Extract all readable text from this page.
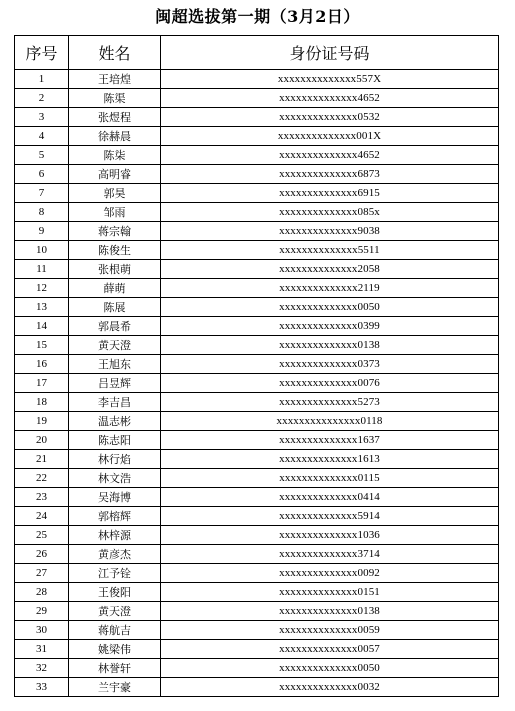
闽超选拔第一期（3月2日）
序号	姓名	身份证号码
1	王培煌	xxxxxxxxxxxxxx557X
2	陈渠	xxxxxxxxxxxxxx4652
3	张煜程	xxxxxxxxxxxxxx0532
4	徐赫晨	xxxxxxxxxxxxxx001X
5	陈柒	xxxxxxxxxxxxxx4652
6	高明睿	xxxxxxxxxxxxxx6873
7	郭昊	xxxxxxxxxxxxxx6915
8	邹雨	xxxxxxxxxxxxxx085x
9	蒋宗翰	xxxxxxxxxxxxxx9038
10	陈俊生	xxxxxxxxxxxxxx5511
11	张根萌	xxxxxxxxxxxxxx2058
12	薛萌	xxxxxxxxxxxxxx2119
13	陈展	xxxxxxxxxxxxxx0050
14	郭晨希	xxxxxxxxxxxxxx0399
15	黄天澄	xxxxxxxxxxxxxx0138
16	王旭东	xxxxxxxxxxxxxx0373
17	吕昱辉	xxxxxxxxxxxxxx0076
18	李吉昌	xxxxxxxxxxxxxx5273
19	温志彬	xxxxxxxxxxxxxxx0118
20	陈志阳	xxxxxxxxxxxxxx1637
21	林行焰	xxxxxxxxxxxxxx1613
22	林文浩	xxxxxxxxxxxxxx0115
23	吴海博	xxxxxxxxxxxxxx0414
24	郭榕辉	xxxxxxxxxxxxxx5914
25	林梓源	xxxxxxxxxxxxxx1036
26	黄彦杰	xxxxxxxxxxxxxx3714
27	江予铨	xxxxxxxxxxxxxx0092
28	王俊阳	xxxxxxxxxxxxxx0151
29	黄天澄	xxxxxxxxxxxxxx0138
30	蒋航吉	xxxxxxxxxxxxxx0059
31	姚梁伟	xxxxxxxxxxxxxx0057
32	林誉轩	xxxxxxxxxxxxxx0050
33	兰宇豪	xxxxxxxxxxxxxx0032
